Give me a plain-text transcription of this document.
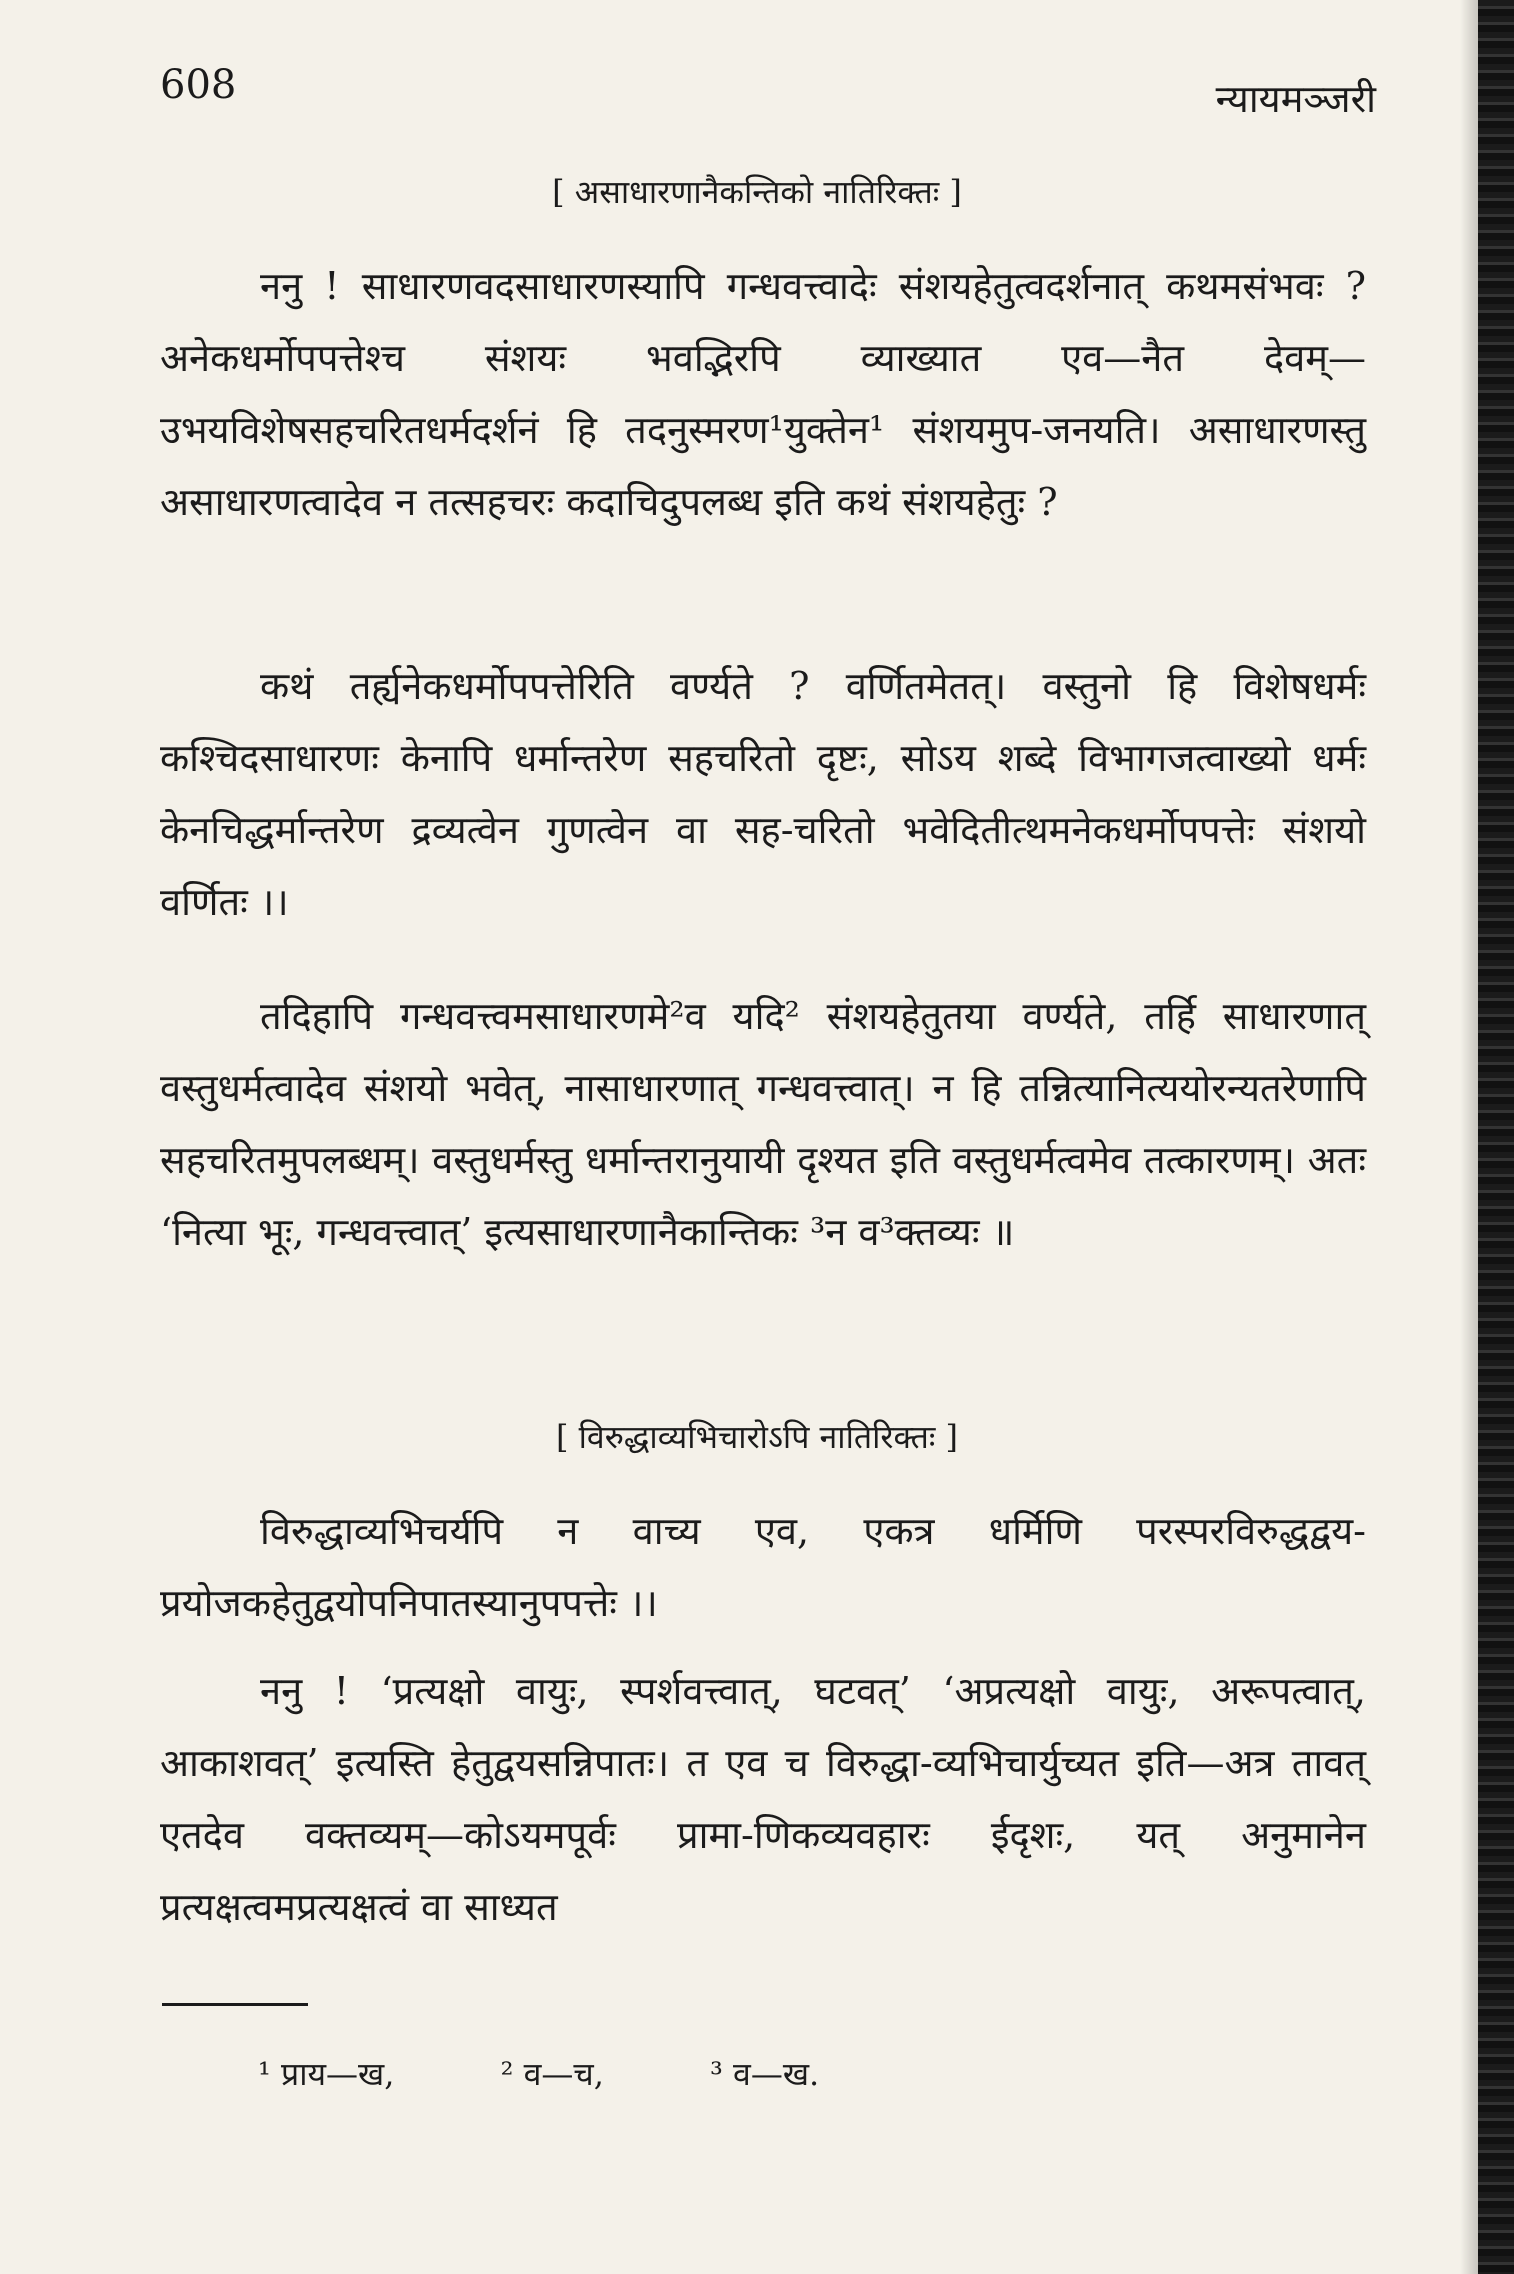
608	न्यायमञ्जरी
[ असाधारणानैकन्तिको नातिरिक्तः ]

ननु ! साधारणवदसाधारणस्यापि गन्धवत्त्वादेः संशयहेतुत्वदर्शनात् कथमसंभवः ? अनेकधर्मोपपत्तेश्च संशयः भवद्भिरपि व्याख्यात एव—नैत देवम्—उभयविशेषसहचरितधर्मदर्शनं हि तदनुस्मरण¹युक्तेन¹ संशयमुप-जनयति। असाधारणस्तु असाधारणत्वादेव न तत्सहचरः कदाचिदुपलब्ध इति कथं संशयहेतुः ?

कथं तर्ह्यनेकधर्मोपपत्तेरिति वर्ण्यते ? वर्णितमेतत्। वस्तुनो हि विशेषधर्मः कश्चिदसाधारणः केनापि धर्मान्तरेण सहचरितो दृष्टः, सोऽय शब्दे विभागजत्वाख्यो धर्मः केनचिद्धर्मान्तरेण द्रव्यत्वेन गुणत्वेन वा सह-चरितो भवेदितीत्थमनेकधर्मोपपत्तेः संशयो वर्णितः ।।

तदिहापि गन्धवत्त्वमसाधारणमे²व यदि² संशयहेतुतया वर्ण्यते, तर्हि साधारणात् वस्तुधर्मत्वादेव संशयो भवेत्, नासाधारणात् गन्धवत्त्वात्। न हि तन्नित्यानित्ययोरन्यतरेणापि सहचरितमुपलब्धम्। वस्तुधर्मस्तु धर्मान्तरानुयायी दृश्यत इति वस्तुधर्मत्वमेव तत्कारणम्। अतः ‘नित्या भूः, गन्धवत्त्वात्’ इत्यसाधारणानैकान्तिकः ³न व³क्तव्यः ॥

[ विरुद्धाव्यभिचारोऽपि नातिरिक्तः ]

विरुद्धाव्यभिचर्यपि न वाच्य एव, एकत्र धर्मिणि परस्परविरुद्धद्वय-प्रयोजकहेतुद्वयोपनिपातस्यानुपपत्तेः ।।

ननु ! ‘प्रत्यक्षो वायुः, स्पर्शवत्त्वात्, घटवत्’ ‘अप्रत्यक्षो वायुः, अरूपत्वात्, आकाशवत्’ इत्यस्ति हेतुद्वयसन्निपातः। त एव च विरुद्धा-व्यभिचार्युच्यत इति—अत्र तावत् एतदेव वक्तव्यम्—कोऽयमपूर्वः प्रामा-णिकव्यवहारः ईदृशः, यत् अनुमानेन प्रत्यक्षत्वमप्रत्यक्षत्वं वा साध्यत

¹ प्राय—ख,	² व—च,	³ व—ख.
